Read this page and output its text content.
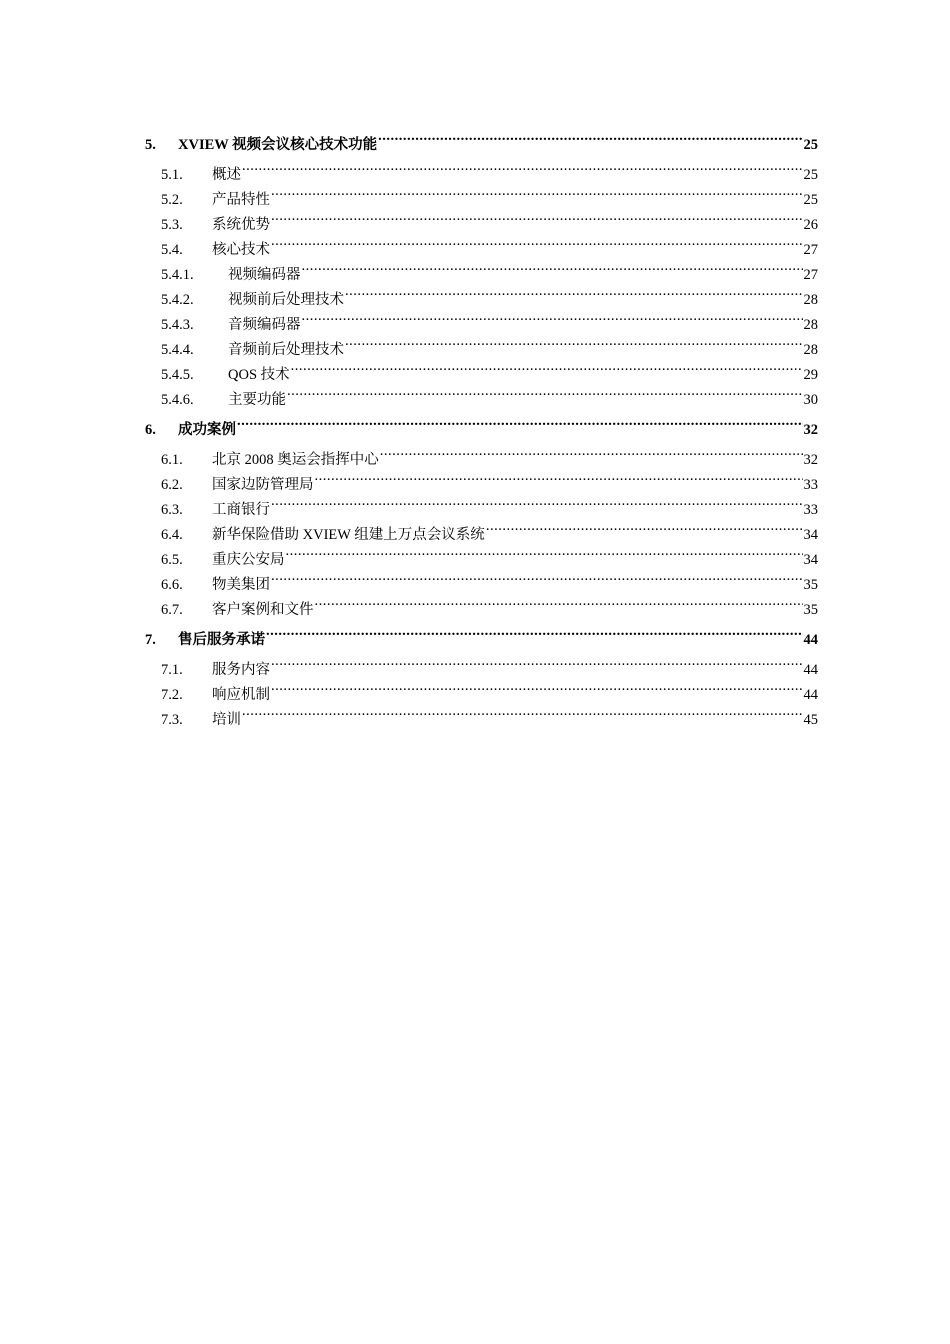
5.	XVIEW 视频会议核心技术功能 .....	25
5.1.	概述 .....	25
5.2.	产品特性 .....	25
5.3.	系统优势 .....	26
5.4.	核心技术 .....	27
5.4.1.	视频编码器 .....	27
5.4.2.	视频前后处理技术 .....	28
5.4.3.	音频编码器 .....	28
5.4.4.	音频前后处理技术 .....	28
5.4.5.	QOS 技术 .....	29
5.4.6.	主要功能 .....	30
6.	成功案例 .....	32
6.1.	北京 2008 奥运会指挥中心 .....	32
6.2.	国家边防管理局 .....	33
6.3.	工商银行 .....	33
6.4.	新华保险借助 XVIEW 组建上万点会议系统 .....	34
6.5.	重庆公安局 .....	34
6.6.	物美集团 .....	35
6.7.	客户案例和文件 .....	35
7.	售后服务承诺 .....	44
7.1.	服务内容 .....	44
7.2.	响应机制 .....	44
7.3.	培训 .....	45
